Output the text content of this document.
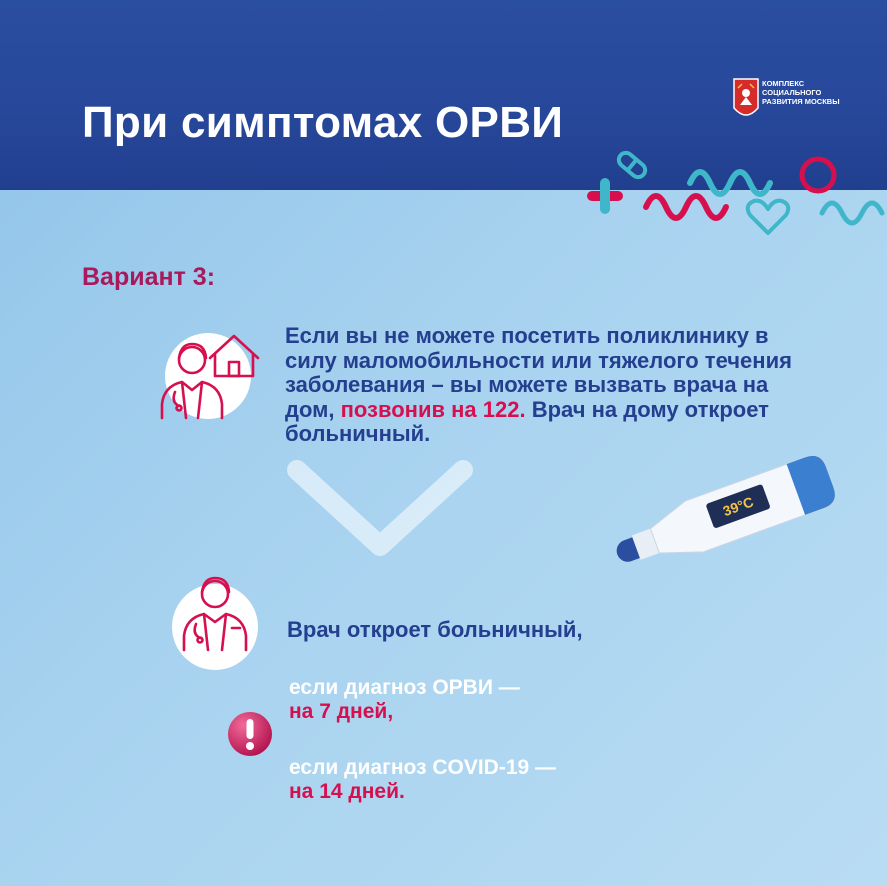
При симптомах ОРВИ
КОМПЛЕКС СОЦИАЛЬНОГО РАЗВИТИЯ МОСКВЫ
Вариант 3:
Если вы не можете посетить поликлинику в силу маломобильности или тяжелого течения заболевания – вы можете вызвать врача на дом, позвонив на 122. Врач на дому откроет больничный.
39°C
Врач откроет больничный,
если диагноз ОРВИ —
на 7 дней,
если диагноз COVID-19 —
на 14 дней.
